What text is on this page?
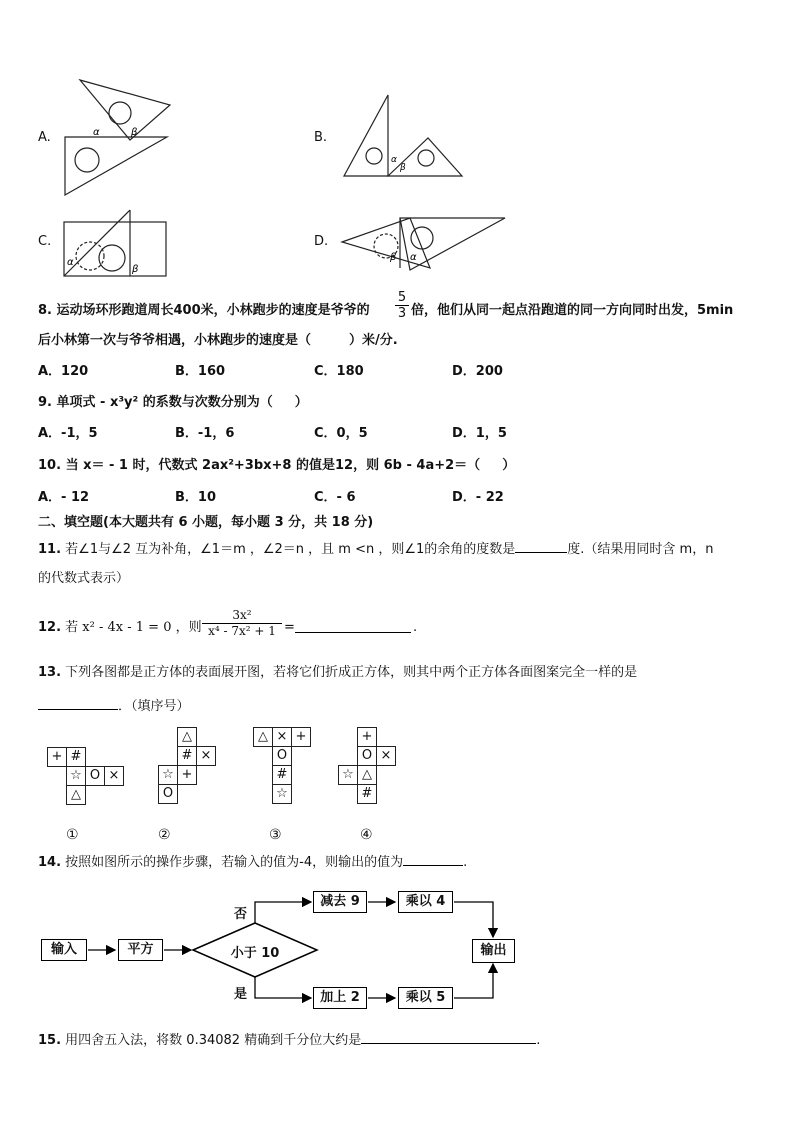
A.	B.
C.	D.
α	β
α
β
α
β
β α
8. 运动场环形跑道周长400米，小林跑步的速度是爷爷的
5
3 倍，他们从同一起点沿跑道的同一方向同时出发，5min
后小林第一次与爷爷相遇，小林跑步的速度是（	）米/分.
A．120	B．160	C．180	D．200
9. 单项式 - x³y² 的系数与次数分别为（ ）
A．-1，5	B．-1，6	C．0，5	D．1，5
10. 当 x＝ - 1 时，代数式 2ax²+3bx+8 的值是12，则 6b - 4a+2＝（ ）
A．- 12	B．10	C．- 6	D．- 22
二、填空题(本大题共有 6 小题，每小题 3 分，共 18 分)
11. 若∠1与∠2 互为补角，∠1＝m ，∠2＝n ，且 m <n ，则∠1的余角的度数是	度.（结果用同时含 m，n
的代数式表示）
12. 若 x² - 4x - 1 = 0 ，则
3x²
x⁴ - 7x² + 1 =	.
13. 下列各图都是正方体的表面展开图，若将它们折成正方体，则其中两个正方体各面图案完全一样的是
．（填序号）
+ #
☆ O ×
△
①
△
# ×
☆ +
O
②
△ × +
O
#
☆
③
+
O ×
☆ △
#
④
14. 按照如图所示的操作步骤，若输入的值为-4，则输出的值为	.
输入	平方	小于 10
否
是
减去 9	乘以 4
加上 2	乘以 5
输出
15. 用四舍五入法，将数 0.34082 精确到千分位大约是	.
